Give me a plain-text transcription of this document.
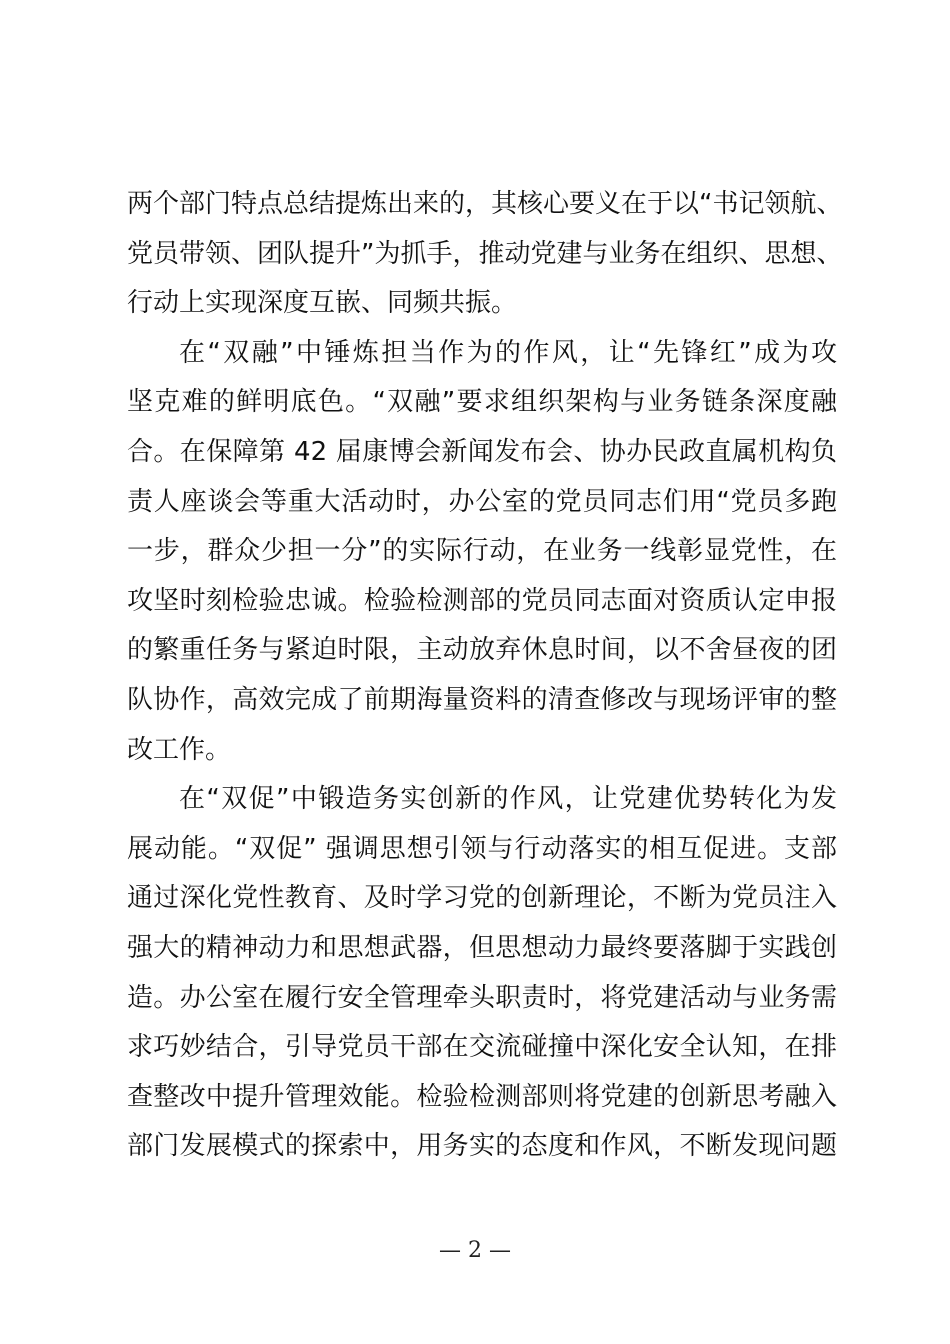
两个部门特点总结提炼出来的，其核心要义在于以“书记领航、
党员带领、团队提升”为抓手，推动党建与业务在组织、思想、
行动上实现深度互嵌、同频共振。
在“双融”中锤炼担当作为的作风，让“先锋红”成为攻
坚克难的鲜明底色。“双融”要求组织架构与业务链条深度融
合。在保障第 42 届康博会新闻发布会、协办民政直属机构负
责人座谈会等重大活动时，办公室的党员同志们用“党员多跑
一步，群众少担一分”的实际行动，在业务一线彰显党性，在
攻坚时刻检验忠诚。检验检测部的党员同志面对资质认定申报
的繁重任务与紧迫时限，主动放弃休息时间，以不舍昼夜的团
队协作，高效完成了前期海量资料的清查修改与现场评审的整
改工作。
在“双促”中锻造务实创新的作风，让党建优势转化为发
展动能。“双促” 强调思想引领与行动落实的相互促进。支部
通过深化党性教育、及时学习党的创新理论，不断为党员注入
强大的精神动力和思想武器，但思想动力最终要落脚于实践创
造。办公室在履行安全管理牵头职责时，将党建活动与业务需
求巧妙结合，引导党员干部在交流碰撞中深化安全认知，在排
查整改中提升管理效能。检验检测部则将党建的创新思考融入
部门发展模式的探索中，用务实的态度和作风，不断发现问题
— 2 —
